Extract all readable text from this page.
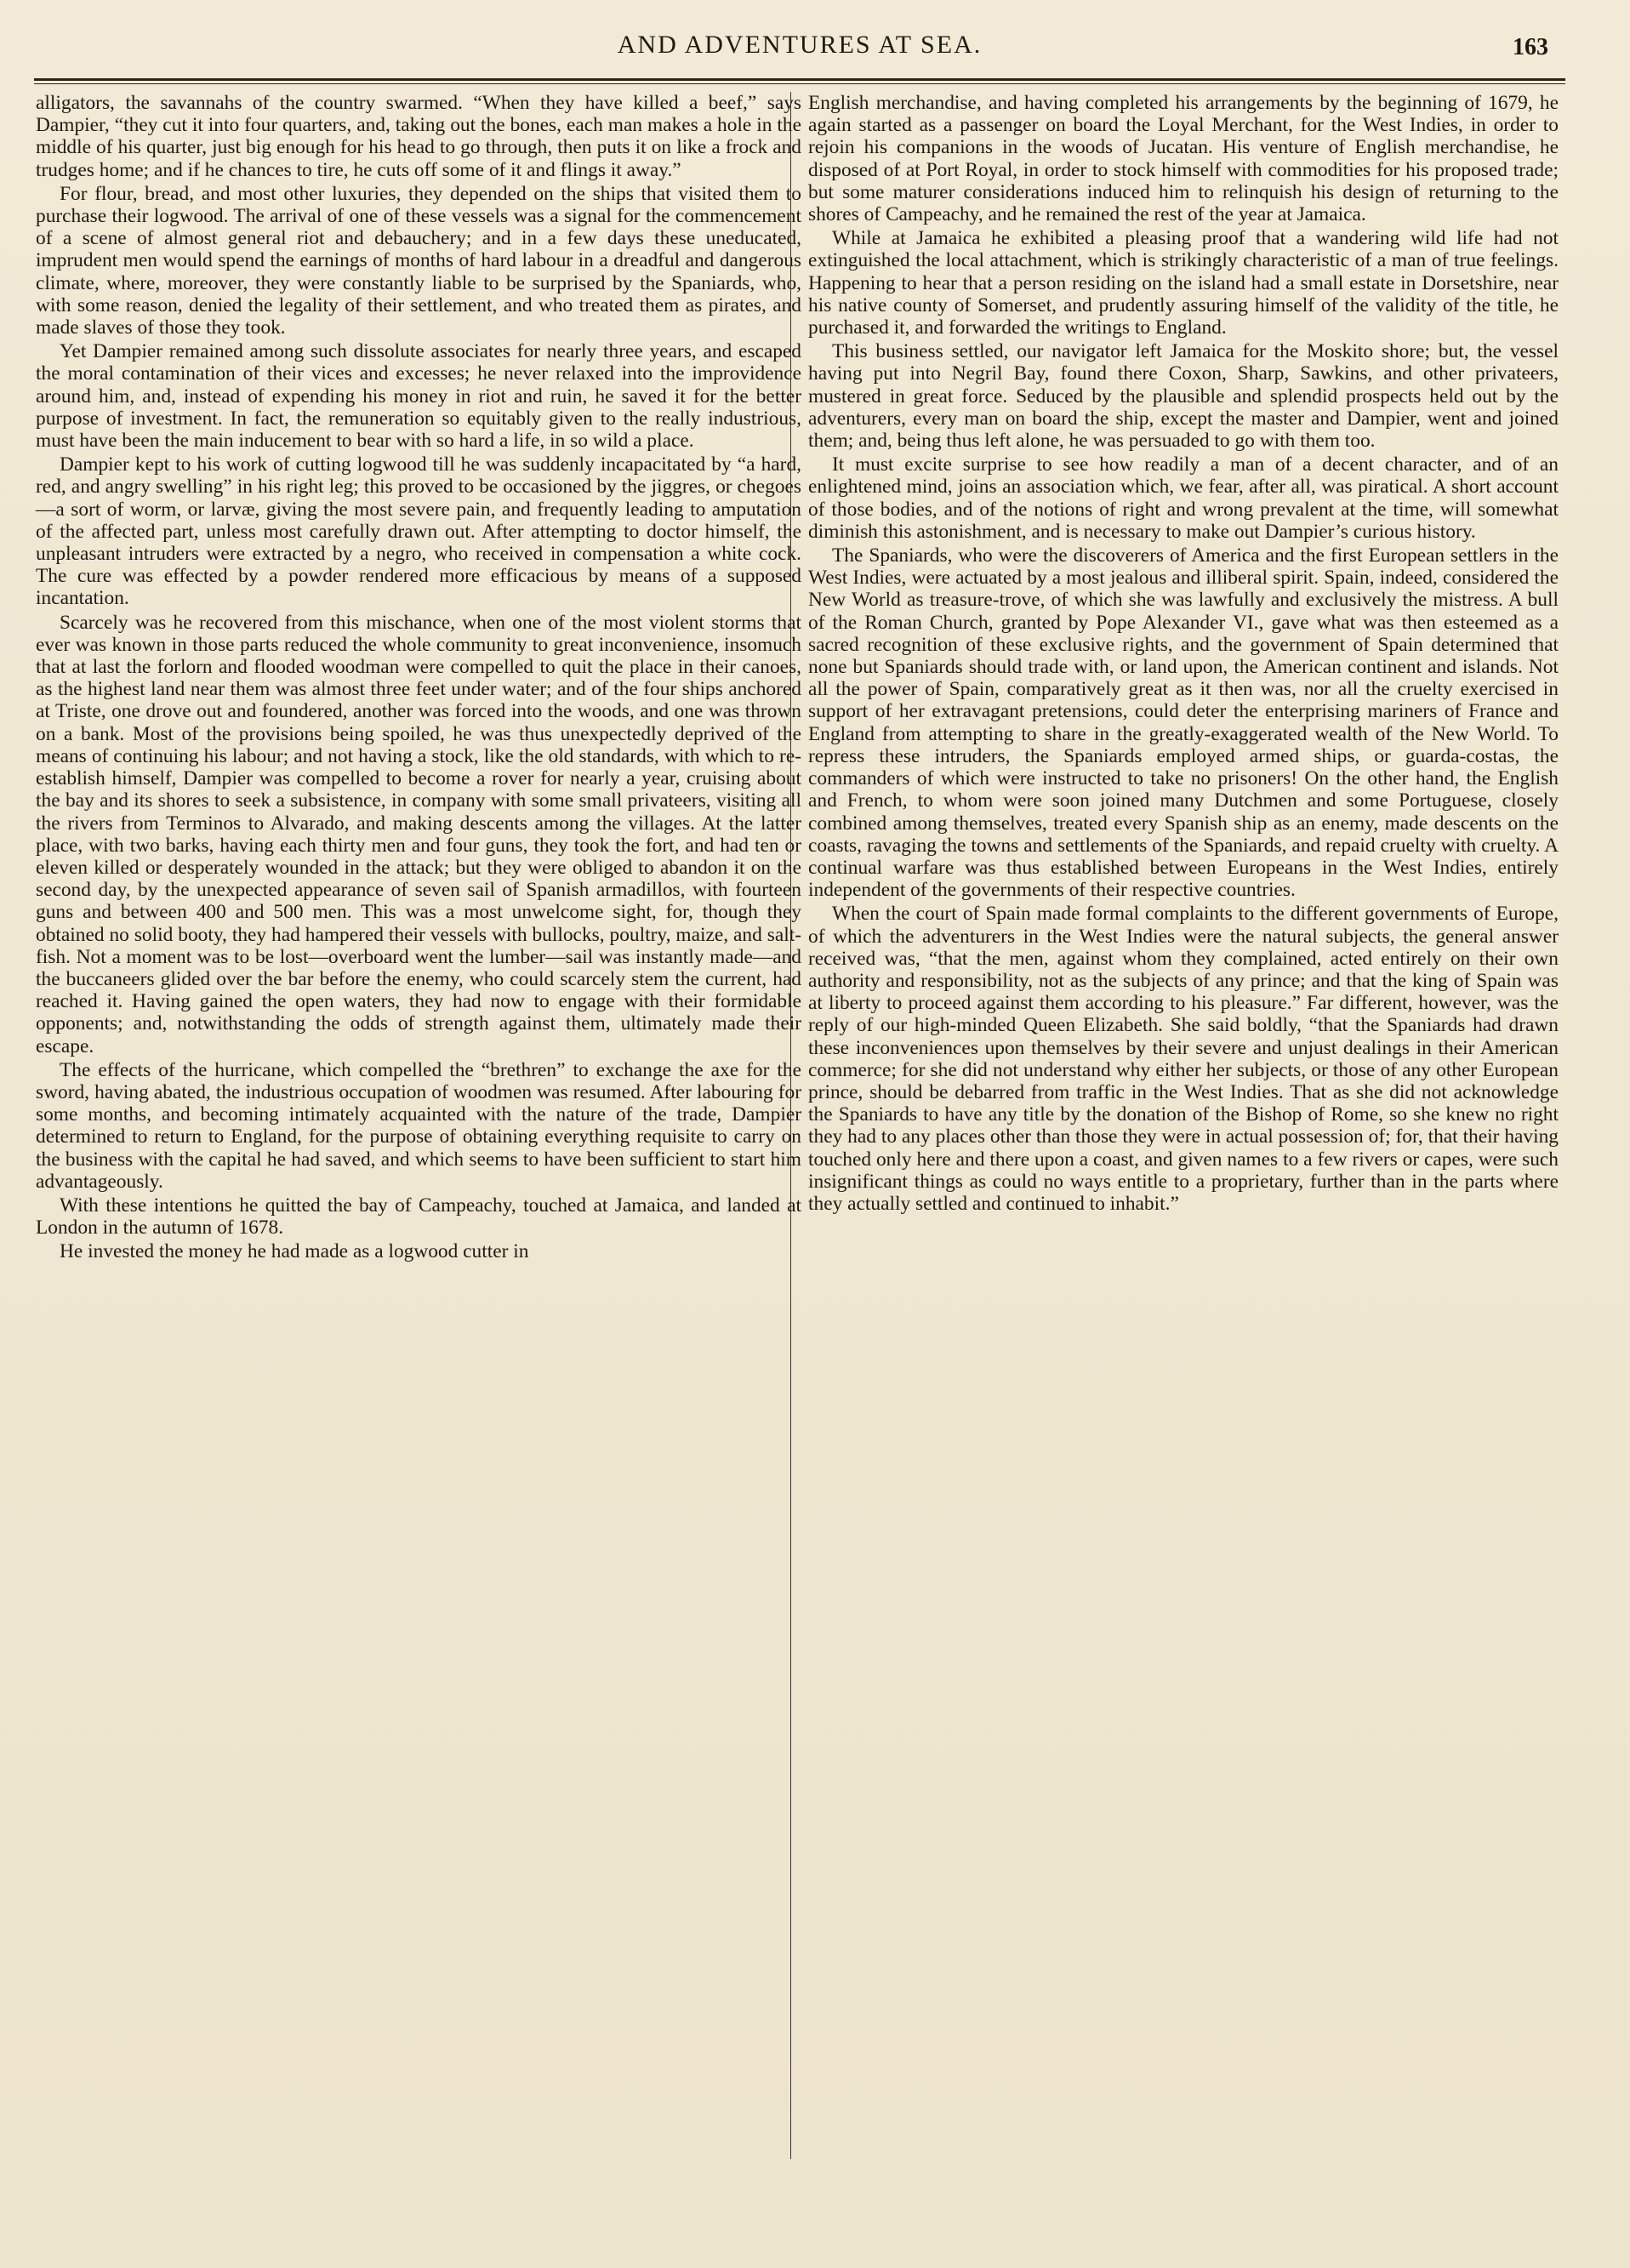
AND ADVENTURES AT SEA.	163

alligators, the savannahs of the country swarmed. “When they have killed a beef,” says Dampier, “they cut it into four quarters, and, taking out the bones, each man makes a hole in the middle of his quarter, just big enough for his head to go through, then puts it on like a frock and trudges home; and if he chances to tire, he cuts off some of it and flings it away.”

For flour, bread, and most other luxuries, they depended on the ships that visited them to purchase their logwood. The arrival of one of these vessels was a signal for the commencement of a scene of almost general riot and debauchery; and in a few days these uneducated, imprudent men would spend the earnings of months of hard labour in a dreadful and dangerous climate, where, moreover, they were constantly liable to be surprised by the Spaniards, who, with some reason, denied the legality of their settlement, and who treated them as pirates, and made slaves of those they took.

Yet Dampier remained among such dissolute associates for nearly three years, and escaped the moral contamination of their vices and excesses; he never relaxed into the improvidence around him, and, instead of expending his money in riot and ruin, he saved it for the better purpose of investment. In fact, the remuneration so equitably given to the really industrious, must have been the main inducement to bear with so hard a life, in so wild a place.

Dampier kept to his work of cutting logwood till he was suddenly incapacitated by “a hard, red, and angry swelling” in his right leg; this proved to be occasioned by the jiggres, or chegoes—a sort of worm, or larvæ, giving the most severe pain, and frequently leading to amputation of the affected part, unless most carefully drawn out. After attempting to doctor himself, the unpleasant intruders were extracted by a negro, who received in compensation a white cock. The cure was effected by a powder rendered more efficacious by means of a supposed incantation.

Scarcely was he recovered from this mischance, when one of the most violent storms that ever was known in those parts reduced the whole community to great inconvenience, insomuch that at last the forlorn and flooded woodman were compelled to quit the place in their canoes, as the highest land near them was almost three feet under water; and of the four ships anchored at Triste, one drove out and foundered, another was forced into the woods, and one was thrown on a bank. Most of the provisions being spoiled, he was thus unexpectedly deprived of the means of continuing his labour; and not having a stock, like the old standards, with which to re-establish himself, Dampier was compelled to become a rover for nearly a year, cruising about the bay and its shores to seek a subsistence, in company with some small privateers, visiting all the rivers from Terminos to Alvarado, and making descents among the villages. At the latter place, with two barks, having each thirty men and four guns, they took the fort, and had ten or eleven killed or desperately wounded in the attack; but they were obliged to abandon it on the second day, by the unexpected appearance of seven sail of Spanish armadillos, with fourteen guns and between 400 and 500 men. This was a most unwelcome sight, for, though they obtained no solid booty, they had hampered their vessels with bullocks, poultry, maize, and salt-fish. Not a moment was to be lost—overboard went the lumber—sail was instantly made—and the buccaneers glided over the bar before the enemy, who could scarcely stem the current, had reached it. Having gained the open waters, they had now to engage with their formidable opponents; and, notwithstanding the odds of strength against them, ultimately made their escape.

The effects of the hurricane, which compelled the “brethren” to exchange the axe for the sword, having abated, the industrious occupation of woodmen was resumed. After labouring for some months, and becoming intimately acquainted with the nature of the trade, Dampier determined to return to England, for the purpose of obtaining everything requisite to carry on the business with the capital he had saved, and which seems to have been sufficient to start him advantageously.

With these intentions he quitted the bay of Campeachy, touched at Jamaica, and landed at London in the autumn of 1678.

He invested the money he had made as a logwood cutter in

English merchandise, and having completed his arrangements by the beginning of 1679, he again started as a passenger on board the Loyal Merchant, for the West Indies, in order to rejoin his companions in the woods of Jucatan. His venture of English merchandise, he disposed of at Port Royal, in order to stock himself with commodities for his proposed trade; but some maturer considerations induced him to relinquish his design of returning to the shores of Campeachy, and he remained the rest of the year at Jamaica.

While at Jamaica he exhibited a pleasing proof that a wandering wild life had not extinguished the local attachment, which is strikingly characteristic of a man of true feelings. Happening to hear that a person residing on the island had a small estate in Dorsetshire, near his native county of Somerset, and prudently assuring himself of the validity of the title, he purchased it, and forwarded the writings to England.

This business settled, our navigator left Jamaica for the Moskito shore; but, the vessel having put into Negril Bay, found there Coxon, Sharp, Sawkins, and other privateers, mustered in great force. Seduced by the plausible and splendid prospects held out by the adventurers, every man on board the ship, except the master and Dampier, went and joined them; and, being thus left alone, he was persuaded to go with them too.

It must excite surprise to see how readily a man of a decent character, and of an enlightened mind, joins an association which, we fear, after all, was piratical. A short account of those bodies, and of the notions of right and wrong prevalent at the time, will somewhat diminish this astonishment, and is necessary to make out Dampier’s curious history.

The Spaniards, who were the discoverers of America and the first European settlers in the West Indies, were actuated by a most jealous and illiberal spirit. Spain, indeed, considered the New World as treasure-trove, of which she was lawfully and exclusively the mistress. A bull of the Roman Church, granted by Pope Alexander VI., gave what was then esteemed as a sacred recognition of these exclusive rights, and the government of Spain determined that none but Spaniards should trade with, or land upon, the American continent and islands. Not all the power of Spain, comparatively great as it then was, nor all the cruelty exercised in support of her extravagant pretensions, could deter the enterprising mariners of France and England from attempting to share in the greatly-exaggerated wealth of the New World. To repress these intruders, the Spaniards employed armed ships, or guarda-costas, the commanders of which were instructed to take no prisoners! On the other hand, the English and French, to whom were soon joined many Dutchmen and some Portuguese, closely combined among themselves, treated every Spanish ship as an enemy, made descents on the coasts, ravaging the towns and settlements of the Spaniards, and repaid cruelty with cruelty. A continual warfare was thus established between Europeans in the West Indies, entirely independent of the governments of their respective countries.

When the court of Spain made formal complaints to the different governments of Europe, of which the adventurers in the West Indies were the natural subjects, the general answer received was, “that the men, against whom they complained, acted entirely on their own authority and responsibility, not as the subjects of any prince; and that the king of Spain was at liberty to proceed against them according to his pleasure.” Far different, however, was the reply of our high-minded Queen Elizabeth. She said boldly, “that the Spaniards had drawn these inconveniences upon themselves by their severe and unjust dealings in their American commerce; for she did not understand why either her subjects, or those of any other European prince, should be debarred from traffic in the West Indies. That as she did not acknowledge the Spaniards to have any title by the donation of the Bishop of Rome, so she knew no right they had to any places other than those they were in actual possession of; for, that their having touched only here and there upon a coast, and given names to a few rivers or capes, were such insignificant things as could no ways entitle to a proprietary, further than in the parts where they actually settled and continued to inhabit.”
